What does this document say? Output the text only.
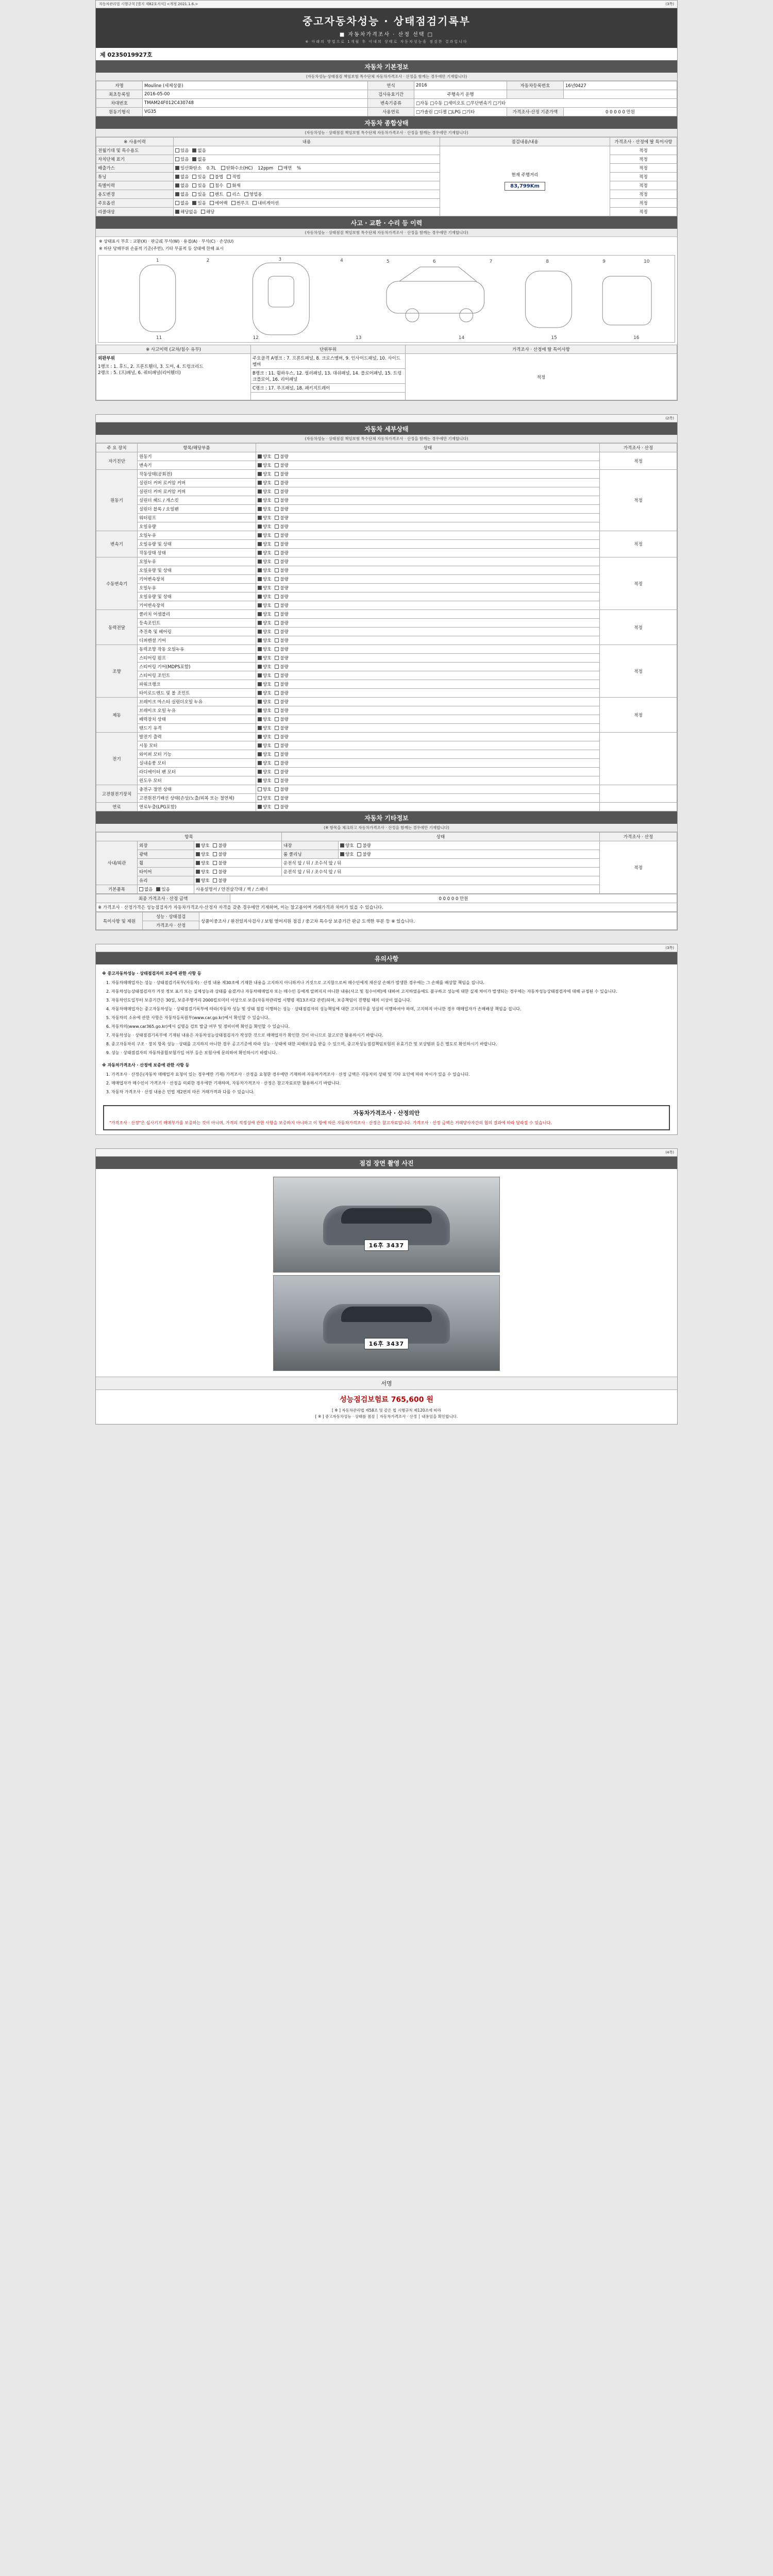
자동차관리법 시행규칙 [별지 제82호서식] <개정 2021.1.6.>	(3쪽)
중고자동차성능 · 상태점검기록부
■ 자동차가격조사 · 산정 선택 □
※ 아래의 방법으로 1개월 후 이내의 상태로 자동차성능을 점검한 결과입니다
제 0235019927호
자동차 기본정보
(자동차성능·상태점검 책임보험 특수단체 자동차가격조사 · 산정을 함께는 경우에만 기재합니다)
자명	Mouline (세제상품)	연식	2016	자동차등록번호	16년0427
최초등록일	2016-05-00	검사유효기간	주행속기 운행		
차대번호	TMAM24F012C430748	변속기종류	□자동 □수동 □세미오토 □무단변속기 □기타		
원동기형식	VG35	사용연료	□가솔린 □디젤 □LPG □기타	가격조사·산정 기준가액	0 0 0 0 0 만원
자동차 종합상태
(자동차성능 · 상태점검 책임보험 특수단체 자동차가격조사 · 산정을 함께는 경우에만 기재합니다)
※ 사용이력	내용	점검내용/내용	가격조사 · 산정에 딸 특이사항
전월기대 및 특수용도	있음 없음	현재 주행거리
83,799Km	적정
자치단체 표기	있음 없음		적정
배출가스	일산화탄소 0.7L 탄화수소(HC) 12ppm 매연 %		적정
튜닝	없음 있음 불법 적법		적정
특별이력	없음 있음 침수 화재		적정
용도변경	없음 있음 렌트 리스 영업용		적정
주요옵션	없음 있음 에어백 썬루프 내비게이션		적정
리콜대상	해당없음 해당		적정
사고 · 교환 · 수리 등 이력
(자동차성능 · 상태점검 책임보험 특수단체 자동차가격조사 · 산정을 함께는 경우에만 기재합니다)
※ 상태표시 부호 : 교환(X) · 판금或 부식(W) · 용접(A) · 부식(C) · 손상(U)
※ 하단 당해부위 손품적 기준(주면), 기타 부품적 등 상태에 한해 표시
1	2	3	4	5	6	7	8	9	10
11	12	13	14	15	16
※ 사고이력 (교차/침수 유무)	단위부위	가격조사 · 산정에 딸 특이사항

외판부위
1랭크 : 1. 후드, 2. 프론트휀더, 3. 도어, 4. 트렁크리드
2랭크 : 5. (프)패널, 6. 쿼터패널(리어휀더)	주요골격 A랭크 : 7. 프론트패널, 8. 크로스멤버, 9. 인사이드패널, 10. 사이드멤버	적정
	B랭크 : 11. 휠하우스, 12. 필러패널, 13. 대쉬패널, 14. 플로어패널, 15. 트렁크플로어, 16. 리어패널	
	C랭크 : 17. 루프패널, 18. 패키지트레이	

(2쪽)
자동차 세부상태
(자동차성능 · 상태점검 책임보험 특수단체 자동차가격조사 · 산정을 함께는 경우에만 기재합니다)
주 요 장치	항목/해당부품	상태	가격조사 · 산정
자기진단	원동기	양호 불량	적정
	변속기	양호 불량	
원동기	작동상태(공회전)	양호 불량	적정
	실린더 커버 로커암 커버	양호 불량	
	실린더 커버 로커암 커버	양호 불량	
	실린더 헤드 / 개스킷	양호 불량	
	실린더 블록 / 오일팬	양호 불량	
	워터펌프	양호 불량	
	오일유량	양호 불량	
변속기	오일누유	양호 불량	적정
	오일유량 및 상태	양호 불량	
	작동상태 상태	양호 불량	
수동변속기	오일누유	양호 불량	적정
	오일유량 및 상태	양호 불량	
	기어변속장치	양호 불량	
	오일누유	양호 불량	
	오일유량 및 상태	양호 불량	
	기어변속장치	양호 불량	
동력전달	클러치 어셈블리	양호 불량	적정
	등속조인트	양호 불량	
	추진축 및 베어링	양호 불량	
	디퍼렌셜 기어	양호 불량	
조향	동력조향 작동 오일누유	양호 불량	적정
	스티어링 펌프	양호 불량	
	스티어링 기어(MDPS포함)	양호 불량	
	스티어링 조인트	양호 불량	
	파워크랭크	양호 불량	
	타이로드엔드 및 볼 조인트	양호 불량	
제동	브레이크 마스터 실린더오일 누유	양호 불량	적정
	브레이크 오일 누유	양호 불량	
	배력장치 상태	양호 불량	
	탠드기 유격	양호 불량	
전기	발전기 출력	양호 불량	
	시동 모터	양호 불량	
	와이퍼 모터 기능	양호 불량	
	실내송풍 모터	양호 불량	
	라디에이터 팬 모터	양호 불량	
	윈도우 모터	양호 불량	
고전원전기장치	충전구 절연 상태	양호 불량	
	고전원전기배선 상태(손상/노출/피복 또는 절연체)	양호 불량	
연료	연료누출(LPG포함)	양호 불량	
자동차 기타정보
(※ 항목을 체크하고 자동차가격조사 · 산정을 함께는 경우에만 기재합니다)
항목			상태		가격조사 · 산정
사내/외관	외장	양호 불량	내장	양호 불량	적정
	광택	양호 불량	룸 클리닝	양호 불량	
	휠	양호 불량	운전석 앞 / 뒤 / 조수석 앞 / 뒤		
	타이어	양호 불량	운전석 앞 / 뒤 / 조수석 앞 / 뒤		
	유리	양호 불량			
기본품목	없음 있음	사용설명서 / 안전삼각대 / 잭 / 스패너			
최종 가격조사 · 산정 금액	0 0 0 0 0 만원
※ 가격조사 · 산정가격은 성능점검자가 자동차가격조사·산정자 자격을 갖춘 경우에만 기재하며, 이는 참고용이며 거래가격과 차이가 있을 수 있습니다.
특이사항 및 제원	성능 · 상태점검	상품이중조사 / 완전있지사검사 / 보험 열어지원 점검 / 중고차 특수상 보증기간 판금 도색한 부분 등 ※ 있습니다.
가격조사 · 산정

(3쪽)
유의사항
※ 중고자동차성능 · 상태점검자의 보증에 관한 사항 등
1. 자동차매매업자는 성능 · 상태점검기록부(자동차) · 산정 내용 제30조에 기재한 내용을 고지하지 아니하거나 거짓으로 고지함으로써 매수인에게 재산상 손해가 발생한 경우에는 그 손해를 배상할 책임을 집니다.
2. 자동차성능상태점검자가 거짓 정보 표기 또는 실제성능과 상태를 숨겼거나 자동차매매업자 또는 매수인 등에게 알려지지 아니한 내용(사고 및 침수이력)에 대하여 고지하였음에도 불구하고 성능에 대한 실제 차이가 발생되는 경우에는 자동차성능상태점검자에 대해 규정된 수 있습니다.
3. 자동차인도일부터 보증기간은 30일, 보증주행거리 2000킬로미터 이상으로 보증(자동차관리법 시행령 제13조의2 관련)되며, 보증책임이 진행될 때의 이상이 없습니다.
4. 자동차매매업자는 중고자동차성능 · 상태점검기록부에 따라(자동차 성능 및 상태 점검 이행하는 성능 · 상태점검자의 성능책임에 대한 고지의무를 성실히 이행하여야 하며, 고지하지 아니한 경우 매매업자가 손해배상 책임을 집니다.
5. 자동차의 소유에 관한 사항은 자동차등록원부(www.car.go.kr)에서 확인할 수 있습니다.
6. 자동차의(www.car365.go.kr)에서 실명을 검토 발급 여부 및 정비이력 확인을 확인할 수 있습니다.
7. 자동차성능 · 상태점검기록부에 기재된 내용은 자동차성능상태점검자가 작성한 것으로 매매업자가 확인한 것이 아니므로 참고로만 활용하시기 바랍니다.
8. 중고자동차의 구조 · 장치 항목 성능 · 상태를 고지하지 아니한 경우 공고기준에 따라 성능 · 상태에 대한 피해보상을 받을 수 있으며, 중고차성능점검책임보험의 유효기간 및 보상범위 등은 별도로 확인하시기 바랍니다.
9. 성능 · 상태점검자의 자동차종합보험가입 여부 등은 보험사에 문의하여 확인하시기 바랍니다.
※ 자동차가격조사 · 산정에 보증에 관한 사항 등
1. 가격조사 · 산정은(자동차 매매업자 요청이 있는 경우에만 기재) 가격조사 · 산정을 요청한 경우에만 기재하며 자동차가격조사 · 산정 금액은 자동차의 상태 및 기타 요인에 따라 차이가 있을 수 있습니다.
2. 매매업자가 매수인이 가격조사 · 산정을 의뢰한 경우에만 기재하며, 자동차가격조사 · 산정은 참고자료로만 활용하시기 바랍니다.
3. 자동차 가격조사 · 산정 내용은 민법 제2편의 따른 거래가격과 다를 수 있습니다.
자동차가격조사 · 산정의안
"가격조사 · 산정"은 심사기기 매매부가를 보증하는 것이 아니며, 가격의 적정성에 관한 사항을 보증하지 아니하고 이 항에 따른 자동차가격조사 · 산정은 참고자료입니다. 가격조사 · 산정 금액은 거래당사자간의 협의 결과에 따라 달라질 수 있습니다.

(4쪽)
점검 장면 촬영 사진
16후 3437
16후 3437
서명
성능점검보험료 765,600 원
[ ※ ] 자동차관리법 제58조 및 같은 법 시행규칙 제120조에 따라
[ ※ ] 중고자동차성능 · 상태를 점검 │ 자동차가격조사 · 산정 │ 내용임을 확인합니다.
